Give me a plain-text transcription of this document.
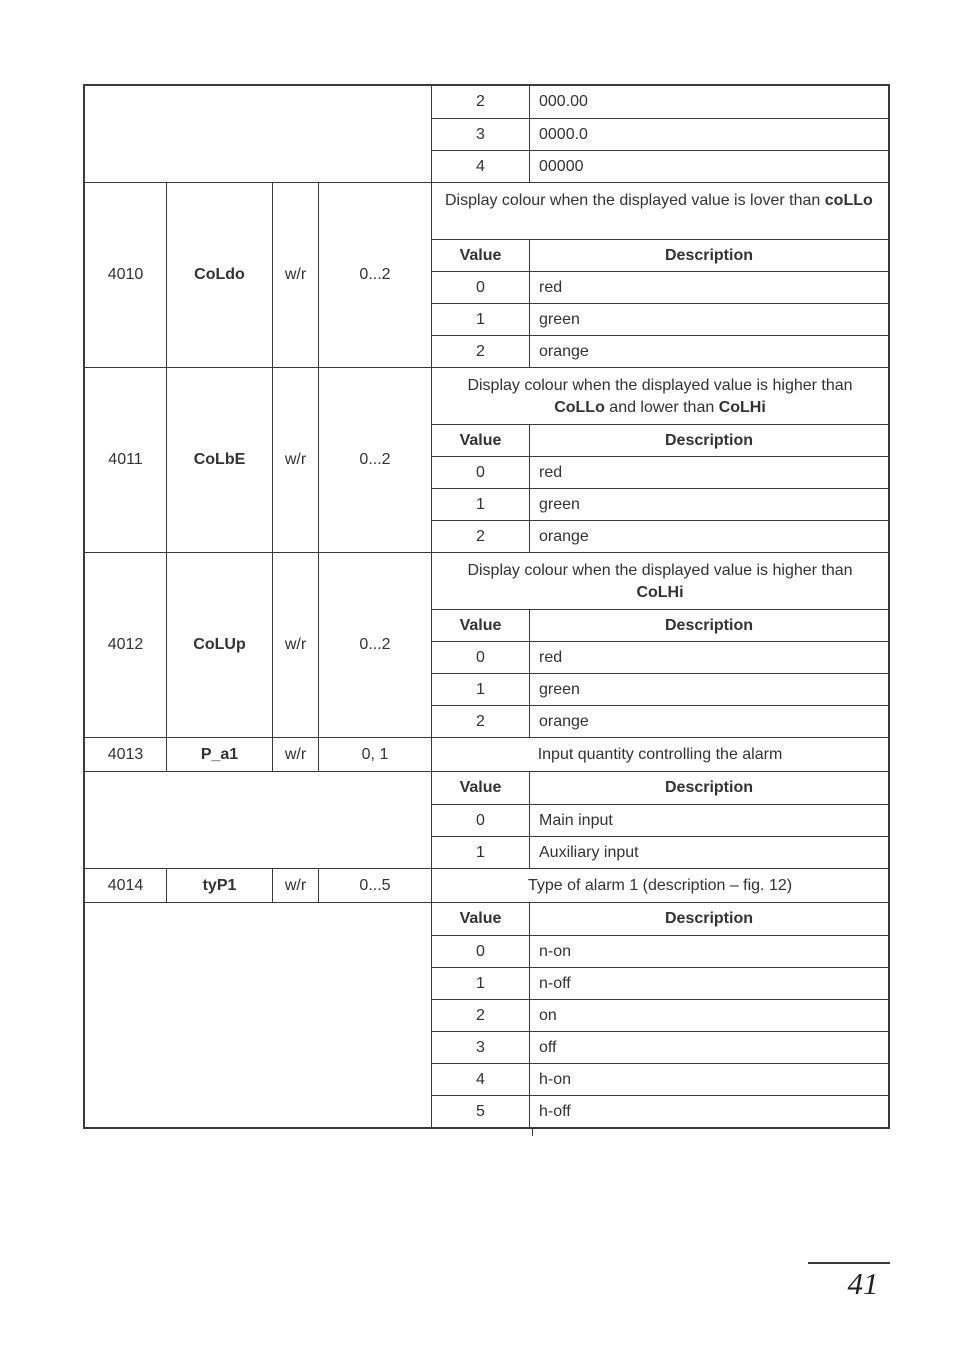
2	000.00
3	0000.0
4	00000
4010	CoLdo	w/r	0...2
Display colour when the displayed value is lover than coLLo
Value	Description
0	red
1	green
2	orange
4011	CoLbE	w/r	0...2
Display colour when the displayed value is higher than CoLLo and lower than CoLHi
Value	Description
0	red
1	green
2	orange
4012	CoLUp	w/r	0...2
Display colour when the displayed value is higher than CoLHi
Value	Description
0	red
1	green
2	orange
4013	P_a1	w/r	0, 1	Input quantity controlling the alarm
Value	Description
0	Main input
1	Auxiliary input
4014	tyP1	w/r	0...5	Type of alarm 1 (description – fig. 12)
Value	Description
0	n-on
1	n-off
2	on
3	off
4	h-on
5	h-off
41
